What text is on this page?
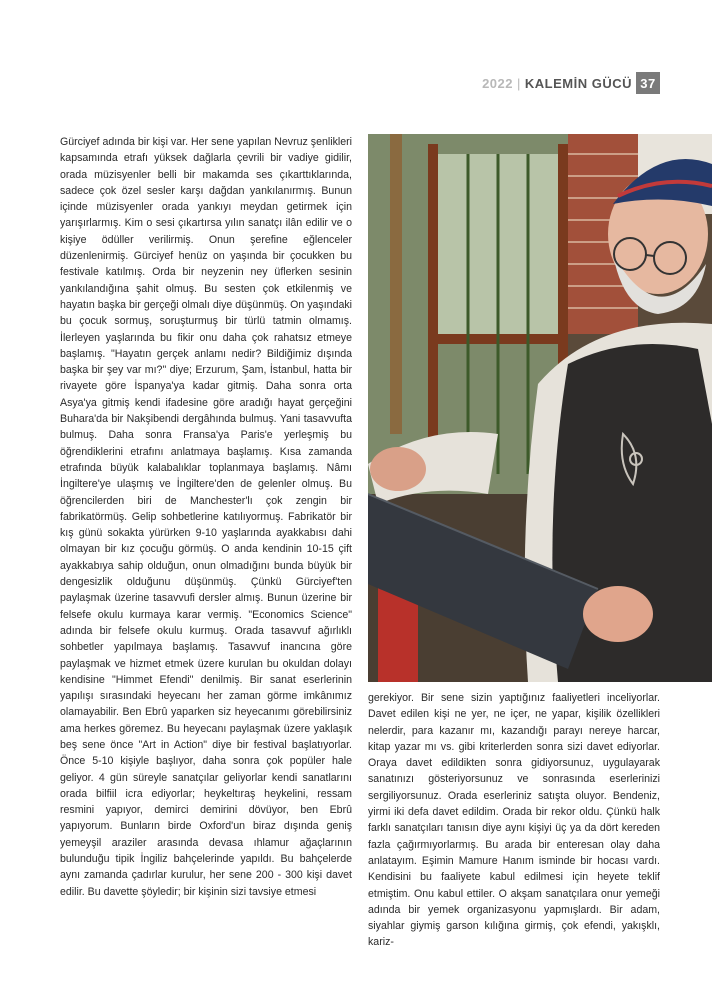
2022 | KALEMİN GÜCÜ 37

Gürciyef adında bir kişi var. Her sene yapılan Nevruz şenlikleri kapsamında etrafı yüksek dağlarla çevrili bir vadiye gidilir, orada müzisyenler belli bir makamda ses çıkarttıklarında, sadece çok özel sesler karşı dağdan yankılanırmış. Bunun içinde müzisyenler orada yankıyı meydan getirmek için yarışırlarmış. Kim o sesi çıkartırsa yılın sanatçı ilân edilir ve o kişiye ödüller verilirmiş. Onun şerefine eğlenceler düzenlenirmiş. Gürciyef henüz on yaşında bir çocukken bu festivale katılmış. Orda bir neyzenin ney üflerken sesinin yankılandığına şahit olmuş. Bu sesten çok etkilenmiş ve hayatın başka bir gerçeği olmalı diye düşünmüş. On yaşındaki bu çocuk sormuş, soruşturmuş bir türlü tatmin olmamış. İlerleyen yaşlarında bu fikir onu daha çok rahatsız etmeye başlamış. "Hayatın gerçek anlamı nedir? Bildiğimiz dışında başka bir şey var mı?" diye; Erzurum, Şam, İstanbul, hatta bir rivayete göre İspanya'ya kadar gitmiş. Daha sonra orta Asya'ya gitmiş kendi ifadesine göre aradığı hayat gerçeğini Buhara'da bir Nakşibendi dergâhında bulmuş. Yani tasavvufta bulmuş. Daha sonra Fransa'ya Paris'e yerleşmiş bu öğrendiklerini etrafını anlatmaya başlamış. Kısa zamanda etrafında büyük kalabalıklar toplanmaya başlamış. Nâmı İngiltere'ye ulaşmış ve İngiltere'den de gelenler olmuş. Bu öğrencilerden biri de Manchester'lı çok zengin bir fabrikatörmüş. Gelip sohbetlerine katılıyormuş. Fabrikatör bir kış günü sokakta yürürken 9-10 yaşlarında ayakkabısı dahi olmayan bir kız çocuğu görmüş. O anda kendinin 10-15 çift ayakkabıya sahip olduğun, onun olmadığını bunda büyük bir dengesizlik olduğunu düşünmüş. Çünkü Gürciyef'ten paylaşmak üzerine tasavvufi dersler almış. Bunun üzerine bir felsefe okulu kurmaya karar vermiş. "Economics Science" adında bir felsefe okulu kurmuş. Orada tasavvuf ağırlıklı sohbetler yapılmaya başlamış. Tasavvuf inancına göre paylaşmak ve hizmet etmek üzere kurulan bu okuldan dolayı kendisine "Himmet Efendi" denilmiş. Bir sanat eserlerinin yapılışı sırasındaki heyecanı her zaman görme imkânımız olamayabilir. Ben Ebrû yaparken siz heyecanımı görebilirsiniz ama herkes göremez. Bu heyecanı paylaşmak üzere yaklaşık beş sene önce "Art in Action" diye bir festival başlatıyorlar. Önce 5-10 kişiyle başlıyor, daha sonra çok popüler hale geliyor. 4 gün süreyle sanatçılar geliyorlar kendi sanatlarını orada bilfiil icra ediyorlar; heykeltıraş heykelini, ressam resmini yapıyor, demirci demirini dövüyor, ben Ebrû yapıyorum. Bunların birde Oxford'un biraz dışında geniş yemeyşil araziler arasında devasa ıhlamur ağaçlarının bulunduğu tipik İngiliz bahçelerinde yapıldı. Bu bahçelerde aynı zamanda çadırlar kurulur, her sene 200 - 300 kişi davet edilir. Bu davette şöyledir; bir kişinin sizi tavsiye etmesi

gerekiyor. Bir sene sizin yaptığınız faaliyetleri inceliyorlar. Davet edilen kişi ne yer, ne içer, ne yapar, kişilik özellikleri nelerdir, para kazanır mı, kazandığı parayı nereye harcar, kitap yazar mı vs. gibi kriterlerden sonra sizi davet ediyorlar. Oraya davet edildikten sonra gidiyorsunuz, uygulayarak sanatınızı gösteriyorsunuz ve sonrasında eserlerinizi sergiliyorsunuz. Orada eserleriniz satışta oluyor. Bendeniz, yirmi iki defa davet edildim. Orada bir rekor oldu. Çünkü halk farklı sanatçıları tanısın diye aynı kişiyi üç ya da dört kereden fazla çağırmıyorlarmış. Bu arada bir enteresan olay daha anlatayım. Eşimin Mamure Hanım isminde bir hocası vardı. Kendisini bu faaliyete kabul edilmesi için heyete teklif etmiştim. Onu kabul ettiler. O akşam sanatçılara onur yemeği adında bir yemek organizasyonu yapmışlardı. Bir adam, siyahlar giymiş garson kılığına girmiş, çok efendi, yakışklı, kariz-
